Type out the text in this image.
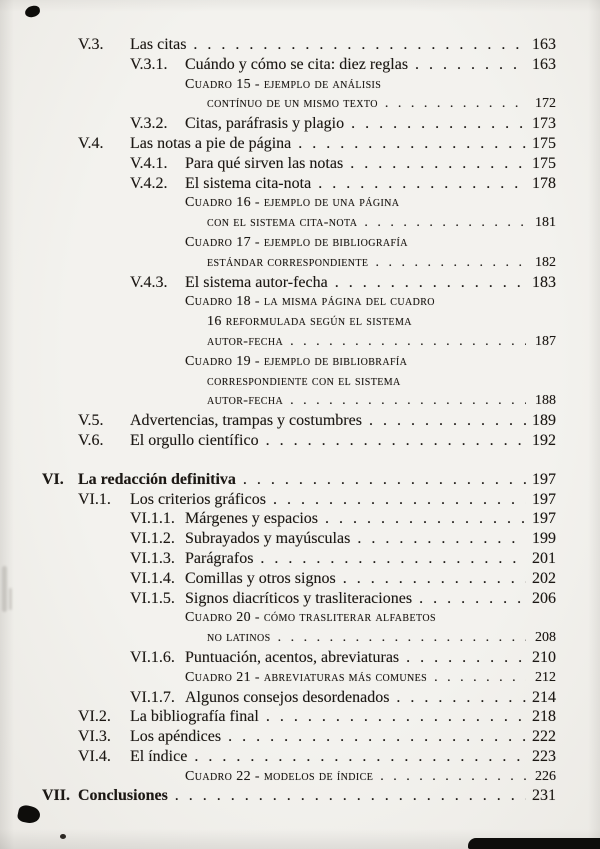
V.3.	Las citas . . .	163
V.3.1.	Cuándo y cómo se cita: diez reglas . . .	163
Cuadro 15 - ejemplo de análisis
contínuo de un mismo texto . . .	172
V.3.2.	Citas, paráfrasis y plagio . . .	173
V.4.	Las notas a pie de página . . .	175
V.4.1.	Para qué sirven las notas . . .	175
V.4.2.	El sistema cita-nota . . .	178
Cuadro 16 - ejemplo de una página
con el sistema cita-nota . . .	181
Cuadro 17 - ejemplo de bibliografía
estándar correspondiente . . .	182
V.4.3.	El sistema autor-fecha . . .	183
Cuadro 18 - la misma página del cuadro
16 reformulada según el sistema
autor-fecha . . .	187
Cuadro 19 - ejemplo de bibliobrafía
correspondiente con el sistema
autor-fecha . . .	188
V.5.	Advertencias, trampas y costumbres . . .	189
V.6.	El orgullo científico . . .	192
VI. La redacción definitiva . . .	197
VI.1.	Los criterios gráficos . . .	197
VI.1.1. Márgenes y espacios . . .	197
VI.1.2. Subrayados y mayúsculas . . .	199
VI.1.3. Parágrafos . . .	201
VI.1.4. Comillas y otros signos . . .	202
VI.1.5. Signos diacríticos y trasliteraciones . . .	206
Cuadro 20 - cómo trasliterar alfabetos
no latinos . . .	208
VI.1.6. Puntuación, acentos, abreviaturas . . .	210
Cuadro 21 - abreviaturas más comunes . . .	212
VI.1.7. Algunos consejos desordenados . . .	214
VI.2.	La bibliografía final . . .	218
VI.3.	Los apéndices . . .	222
VI.4.	El índice . . .	223
Cuadro 22 - modelos de índice . . .	226
VII. Conclusiones . . .	231
